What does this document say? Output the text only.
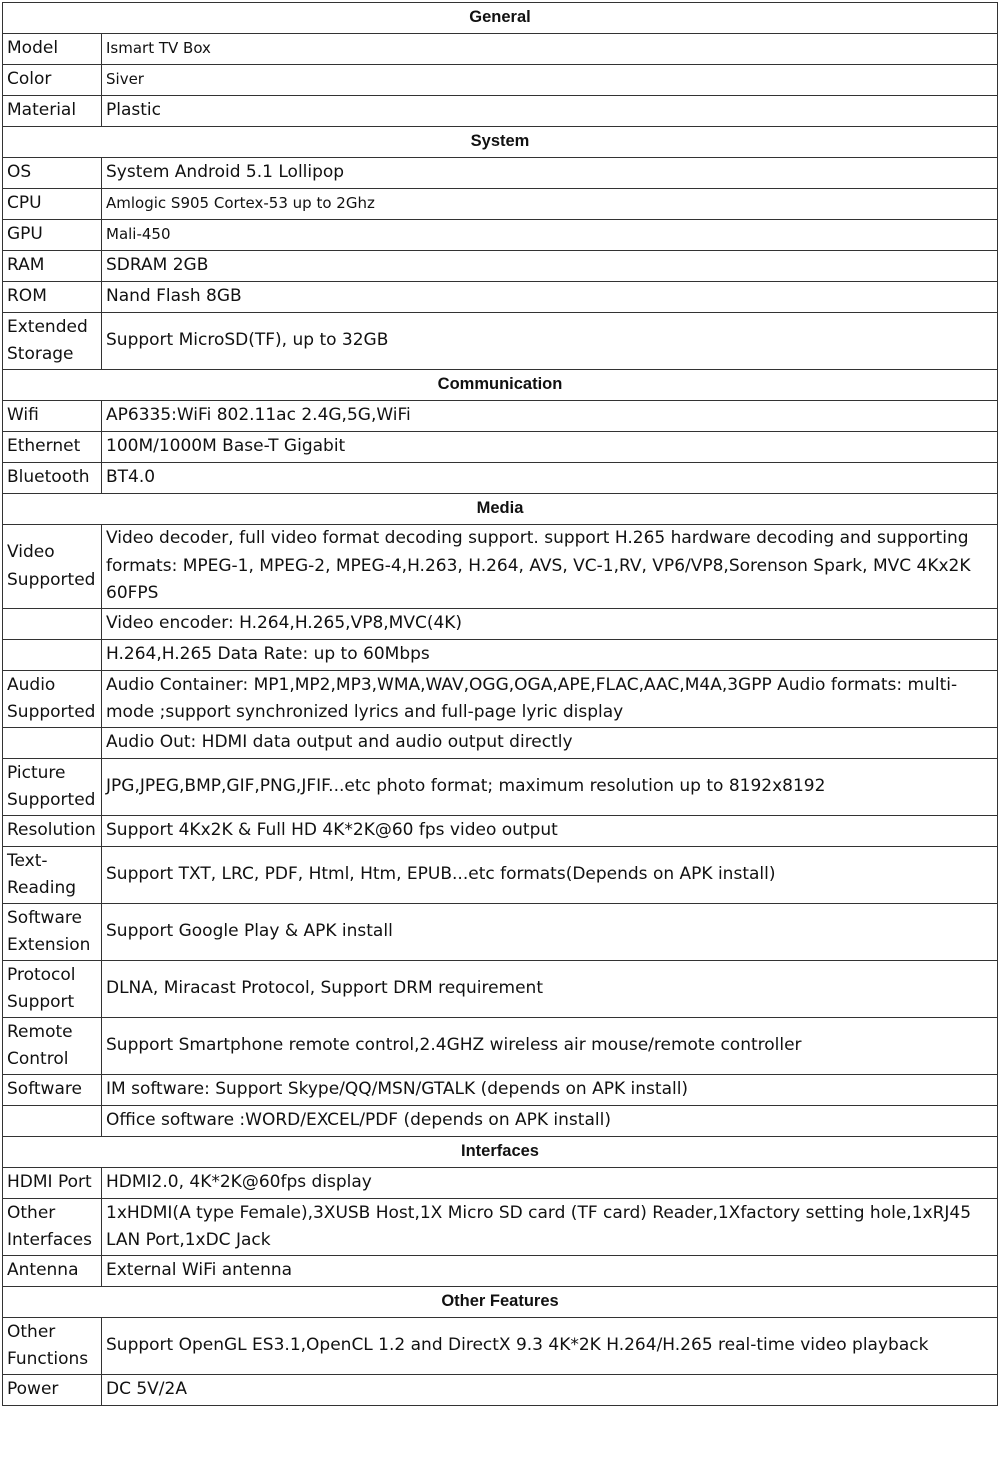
General	
Model	Ismart TV Box
Color	Siver
Material	Plastic
System	
OS	System Android 5.1 Lollipop
CPU	Amlogic S905 Cortex-53 up to 2Ghz
GPU	Mali-450
RAM	SDRAM 2GB
ROM	Nand Flash 8GB
Extended Storage	Support MicroSD(TF), up to 32GB
Communication	
Wifi	AP6335:WiFi 802.11ac 2.4G,5G,WiFi
Ethernet	100M/1000M Base-T Gigabit
Bluetooth	BT4.0
Media	
Video Supported	Video decoder, full video format decoding support. support H.265 hardware decoding and supporting formats: MPEG-1, MPEG-2, MPEG-4,H.263, H.264, AVS, VC-1,RV, VP6/VP8,Sorenson Spark, MVC 4Kx2K 60FPS
	Video encoder: H.264,H.265,VP8,MVC(4K)
	H.264,H.265 Data Rate: up to 60Mbps
Audio Supported	Audio Container: MP1,MP2,MP3,WMA,WAV,OGG,OGA,APE,FLAC,AAC,M4A,3GPP Audio formats: multi-mode ;support synchronized lyrics and full-page lyric display
	Audio Out: HDMI data output and audio output directly
Picture Supported	JPG,JPEG,BMP,GIF,PNG,JFIF...etc photo format; maximum resolution up to 8192x8192
Resolution	Support 4Kx2K & Full HD 4K*2K@60 fps video output
Text-Reading	Support TXT, LRC, PDF, Html, Htm, EPUB...etc formats(Depends on APK install)
Software Extension	Support Google Play & APK install
Protocol Support	DLNA, Miracast Protocol, Support DRM requirement
Remote Control	Support Smartphone remote control,2.4GHZ wireless air mouse/remote controller
Software	IM software: Support Skype/QQ/MSN/GTALK (depends on APK install)
	Office software :WORD/EXCEL/PDF (depends on APK install)
Interfaces	
HDMI Port	HDMI2.0, 4K*2K@60fps display
Other Interfaces	1xHDMI(A type Female),3XUSB Host,1X Micro SD card (TF card) Reader,1Xfactory setting hole,1xRJ45 LAN Port,1xDC Jack
Antenna	External WiFi antenna
Other Features	
Other Functions	Support OpenGL ES3.1,OpenCL 1.2 and DirectX 9.3 4K*2K H.264/H.265 real-time video playback
Power	DC 5V/2A
